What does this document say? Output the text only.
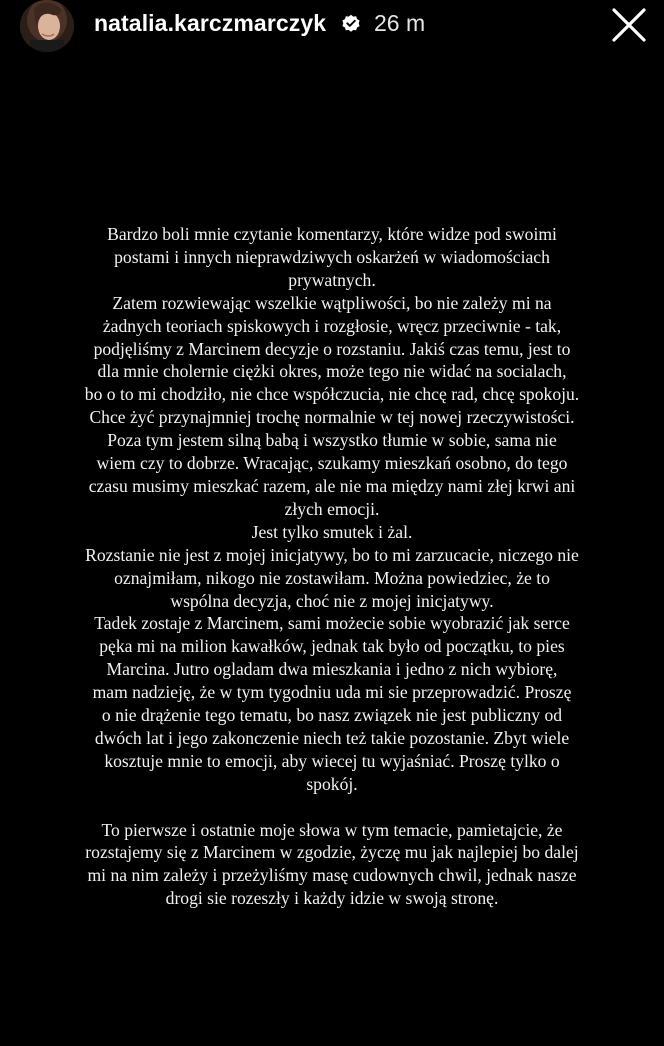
natalia.karczmarczyk 26 m

Bardzo boli mnie czytanie komentarzy, które widze pod swoimi
postami i innych nieprawdziwych oskarżeń w wiadomościach
prywatnych.
Zatem rozwiewając wszelkie wątpliwości, bo nie zależy mi na
żadnych teoriach spiskowych i rozgłosie, wręcz przeciwnie - tak,
podjęliśmy z Marcinem decyzje o rozstaniu. Jakiś czas temu, jest to
dla mnie cholernie ciężki okres, może tego nie widać na socialach,
bo o to mi chodziło, nie chce współczucia, nie chcę rad, chcę spokoju.
Chce żyć przynajmniej trochę normalnie w tej nowej rzeczywistości.
Poza tym jestem silną babą i wszystko tłumie w sobie, sama nie
wiem czy to dobrze. Wracając, szukamy mieszkań osobno, do tego
czasu musimy mieszkać razem, ale nie ma między nami złej krwi ani
złych emocji.
Jest tylko smutek i żal.
Rozstanie nie jest z mojej inicjatywy, bo to mi zarzucacie, niczego nie
oznajmiłam, nikogo nie zostawiłam. Można powiedziec, że to
wspólna decyzja, choć nie z mojej inicjatywy.
Tadek zostaje z Marcinem, sami możecie sobie wyobrazić jak serce
pęka mi na milion kawałków, jednak tak było od początku, to pies
Marcina. Jutro ogladam dwa mieszkania i jedno z nich wybiorę,
mam nadzieję, że w tym tygodniu uda mi sie przeprowadzić. Proszę
o nie drążenie tego tematu, bo nasz związek nie jest publiczny od
dwóch lat i jego zakonczenie niech też takie pozostanie. Zbyt wiele
kosztuje mnie to emocji, aby wiecej tu wyjaśniać. Proszę tylko o
spokój.

To pierwsze i ostatnie moje słowa w tym temacie, pamietajcie, że
rozstajemy się z Marcinem w zgodzie, życzę mu jak najlepiej bo dalej
mi na nim zależy i przeżyliśmy masę cudownych chwil, jednak nasze
drogi sie rozeszły i każdy idzie w swoją stronę.
